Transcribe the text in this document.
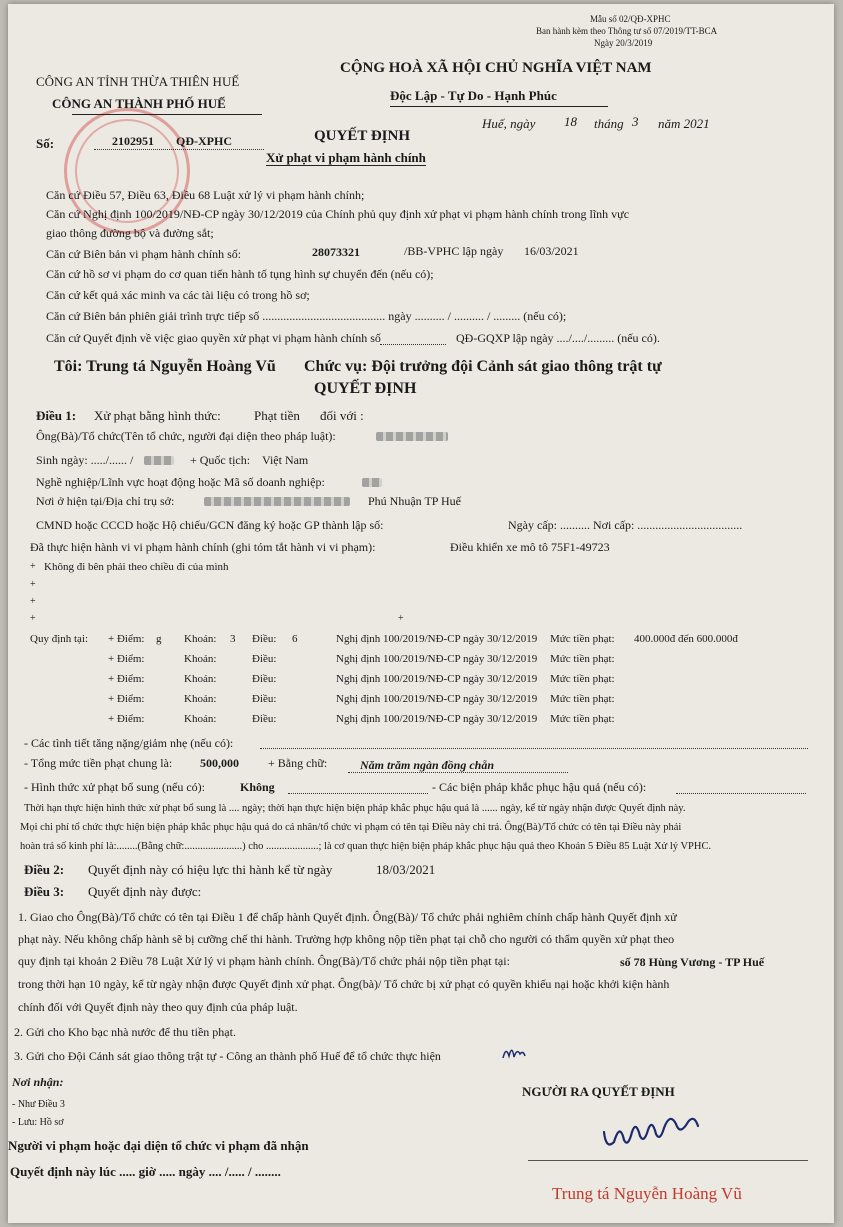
Mẫu số 02/QĐ-XPHC
Ban hành kèm theo Thông tư số 07/2019/TT-BCA
Ngày 20/3/2019
CÔNG AN TỈNH THỪA THIÊN HUẾ
CÔNG AN THÀNH PHỐ HUẾ
CỘNG HOÀ XÃ HỘI CHỦ NGHĨA VIỆT NAM
Độc Lập - Tự Do - Hạnh Phúc
Số:	2102951 QĐ-XPHC
Huế, ngày 18 tháng 3 năm 2021
QUYẾT ĐỊNH
Xử phạt vi phạm hành chính
Căn cứ Điều 57, Điều 63, Điều 68 Luật xử lý vi phạm hành chính;
Căn cứ Nghị định 100/2019/NĐ-CP ngày 30/12/2019 của Chính phủ quy định xử phạt vi phạm hành chính trong lĩnh vực
giao thông đường bộ và đường sắt;
Căn cứ Biên bản vi phạm hành chính số:	28073321	/BB-VPHC lập ngày 16/03/2021
Căn cứ hồ sơ vi phạm do cơ quan tiến hành tố tụng hình sự chuyển đến (nếu có);
Căn cứ kết quả xác minh va các tài liệu có trong hồ sơ;
Căn cứ Biên bản phiên giải trình trực tiếp số ......................................... ngày .......... / .......... / ......... (nếu có);
Căn cứ Quyết định về việc giao quyền xử phạt vi phạm hành chính số	QĐ-GQXP lập ngày ..../..../......... (nếu có).
Tôi: Trung tá Nguyễn Hoàng Vũ Chức vụ: Đội trưởng đội Cảnh sát giao thông trật tự
QUYẾT ĐỊNH
Điều 1: Xử phạt bằng hình thức:	Phạt tiền đối với :
Ông(Bà)/Tổ chức(Tên tổ chức, người đại diện theo pháp luật):
Sinh ngày: ...../...... /	+ Quốc tịch: Việt Nam
Nghề nghiệp/Lĩnh vực hoạt động hoặc Mã số doanh nghiệp:
Nơi ở hiện tại/Địa chỉ trụ sở:	Phú Nhuận TP Huế
CMND hoặc CCCD hoặc Hộ chiếu/GCN đăng ký hoặc GP thành lập số:	Ngày cấp: .......... Nơi cấp: ...................................
Đã thực hiện hành vi vi phạm hành chính (ghi tóm tắt hành vi vi phạm):	Điều khiển xe mô tô 75F1-49723
+ Không đi bên phải theo chiều đi của mình
+
+
+	+
Quy định tại: + Điểm: g Khoản: 3 Điều: 6	Nghị định 100/2019/NĐ-CP ngày 30/12/2019 Mức tiền phạt: 400.000đ đến 600.000đ
+ Điểm:	Khoản:	Điều:	Nghị định 100/2019/NĐ-CP ngày 30/12/2019 Mức tiền phạt:
+ Điểm:	Khoản:	Điều:	Nghị định 100/2019/NĐ-CP ngày 30/12/2019 Mức tiền phạt:
+ Điểm:	Khoản:	Điều:	Nghị định 100/2019/NĐ-CP ngày 30/12/2019 Mức tiền phạt:
+ Điểm:	Khoản:	Điều:	Nghị định 100/2019/NĐ-CP ngày 30/12/2019 Mức tiền phạt:
- Các tình tiết tăng nặng/giảm nhẹ (nếu có):
- Tổng mức tiền phạt chung là: 500,000 + Bằng chữ:	Năm trăm ngàn đồng chẵn
- Hình thức xử phạt bổ sung (nếu có):	Không	- Các biện pháp khắc phục hậu quả (nếu có):
Thời hạn thực hiện hình thức xử phạt bổ sung là .... ngày; thời hạn thực hiện biện pháp khắc phục hậu quả là ...... ngày, kể từ ngày nhận được Quyết định này.
Mọi chi phí tổ chức thực hiện biện pháp khắc phục hậu quả do cá nhân/tổ chức vi phạm có tên tại Điều này chi trả. Ông(Bà)/Tổ chức có tên tại Điều này phải
hoàn trả số kinh phí là:........(Bằng chữ:......................) cho ....................; là cơ quan thực hiện biện pháp khắc phục hậu quả theo Khoản 5 Điều 85 Luật Xử lý VPHC.
Điều 2: Quyết định này có hiệu lực thi hành kể từ ngày	18/03/2021
Điều 3: Quyết định này được:
1. Giao cho Ông(Bà)/Tổ chức có tên tại Điều 1 để chấp hành Quyết định. Ông(Bà)/ Tổ chức phải nghiêm chỉnh chấp hành Quyết định xử
phạt này. Nếu không chấp hành sẽ bị cưỡng chế thi hành. Trường hợp không nộp tiền phạt tại chỗ cho người có thẩm quyền xử phạt theo
quy định tại khoản 2 Điều 78 Luật Xử lý vi phạm hành chính. Ông(Bà)/Tổ chức phải nộp tiền phạt tại:	số 78 Hùng Vương - TP Huế
trong thời hạn 10 ngày, kể từ ngày nhận được Quyết định xử phạt. Ông(bà)/ Tổ chức bị xử phạt có quyền khiếu nại hoặc khởi kiện hành
chính đối với Quyết định này theo quy định của pháp luật.
2. Gửi cho Kho bạc nhà nước để thu tiền phạt.
3. Gửi cho Đội Cảnh sát giao thông trật tự - Công an thành phố Huế để tổ chức thực hiện
Nơi nhận:
- Như Điều 3
- Lưu: Hồ sơ
NGƯỜI RA QUYẾT ĐỊNH
Người vi phạm hoặc đại diện tổ chức vi phạm đã nhận
Quyết định này lúc ..... giờ ..... ngày .... /..... / ........
Trung tá Nguyễn Hoàng Vũ
